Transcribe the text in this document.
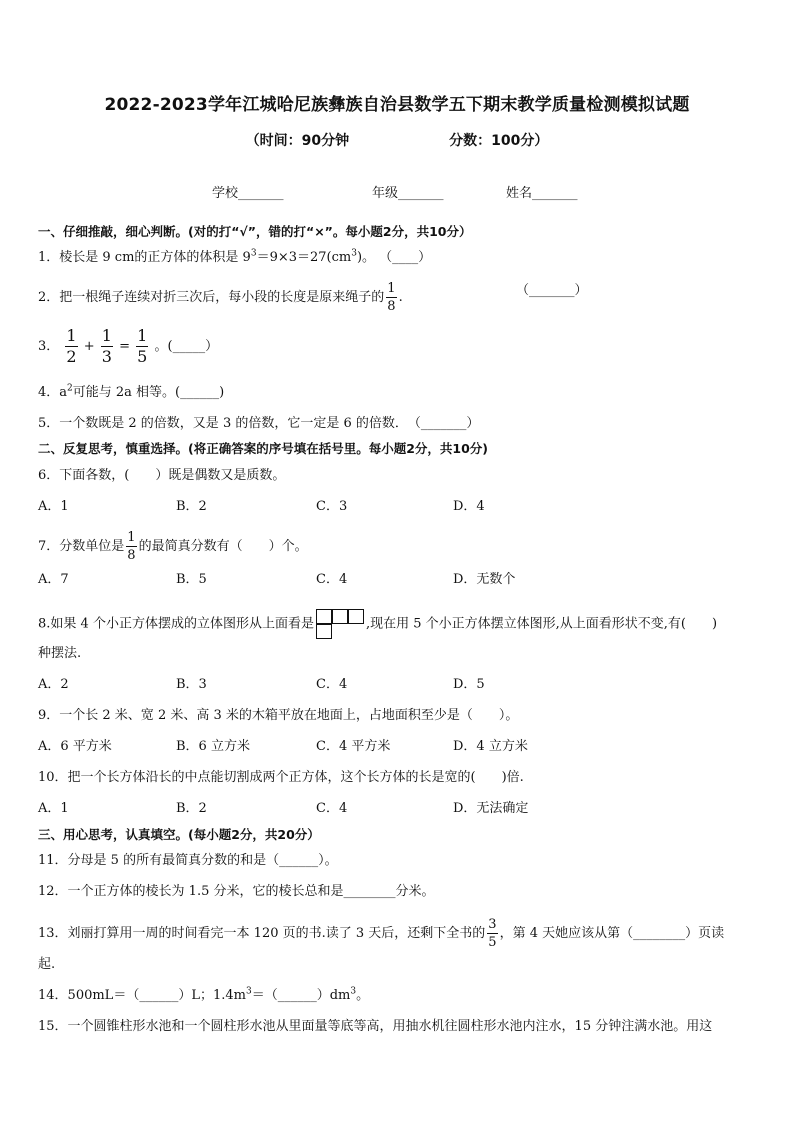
2022-2023学年江城哈尼族彝族自治县数学五下期末教学质量检测模拟试题
（时间：90分钟	分数：100分）
学校_______	年级_______	姓名_______
一、仔细推敲，细心判断。(对的打“√”，错的打“×”。每小题2分，共10分）
1．棱长是 9 cm的正方体的体积是 $9^3=9\times 3=27(cm^3)$。 （____）
2．把一根绳子连续对折三次后，每小段的长度是原来绳子的 $\frac{1}{8}$ .	（_______）
3． $\frac{1}{2} + \frac{1}{3} = \frac{1}{5}$ 。(_____）
4．$a^2$可能与 2a 相等。(______)
5．一个数既是 2 的倍数，又是 3 的倍数，它一定是 6 的倍数．　（_______）
二、反复思考，慎重选择。(将正确答案的序号填在括号里。每小题2分，共10分)
6．下面各数，(　　）既是偶数又是质数。
A．1	B．2	C．3	D．4
7．分数单位是 $\frac{1}{8}$ 的最简真分数有（　　）个。
A．7	B．5	C．4	D．无数个
8.如果 4 个小正方体摆成的立体图形从上面看是	,现在用 5 个小正方体摆立体图形,从上面看形状不变,有(　　)
种摆法.
A．2	B．3	C．4	D．5
9．一个长 2 米、宽 2 米、高 3 米的木箱平放在地面上，占地面积至少是（　　）。
A．6 平方米	B．6 立方米	C．4 平方米	D．4 立方米
10．把一个长方体沿长的中点能切割成两个正方体，这个长方体的长是宽的(　　)倍.
A．1	B．2	C．4	D．无法确定
三、用心思考，认真填空。(每小题2分，共20分）
11．分母是 5 的所有最简真分数的和是（______）。
12．一个正方体的棱长为 1.5 分米，它的棱长总和是________分米。
13．刘丽打算用一周的时间看完一本 120 页的书.读了 3 天后，还剩下全书的 $\frac{3}{5}$ ，第 4 天她应该从第（________）页读
起.
14．500mL＝（______）L；$1.4m^3=(\_\_\_\_\_\_)dm^3$。
15．一个圆锥柱形水池和一个圆柱形水池从里面量等底等高，用抽水机往圆柱形水池内注水，15 分钟注满水池。用这
